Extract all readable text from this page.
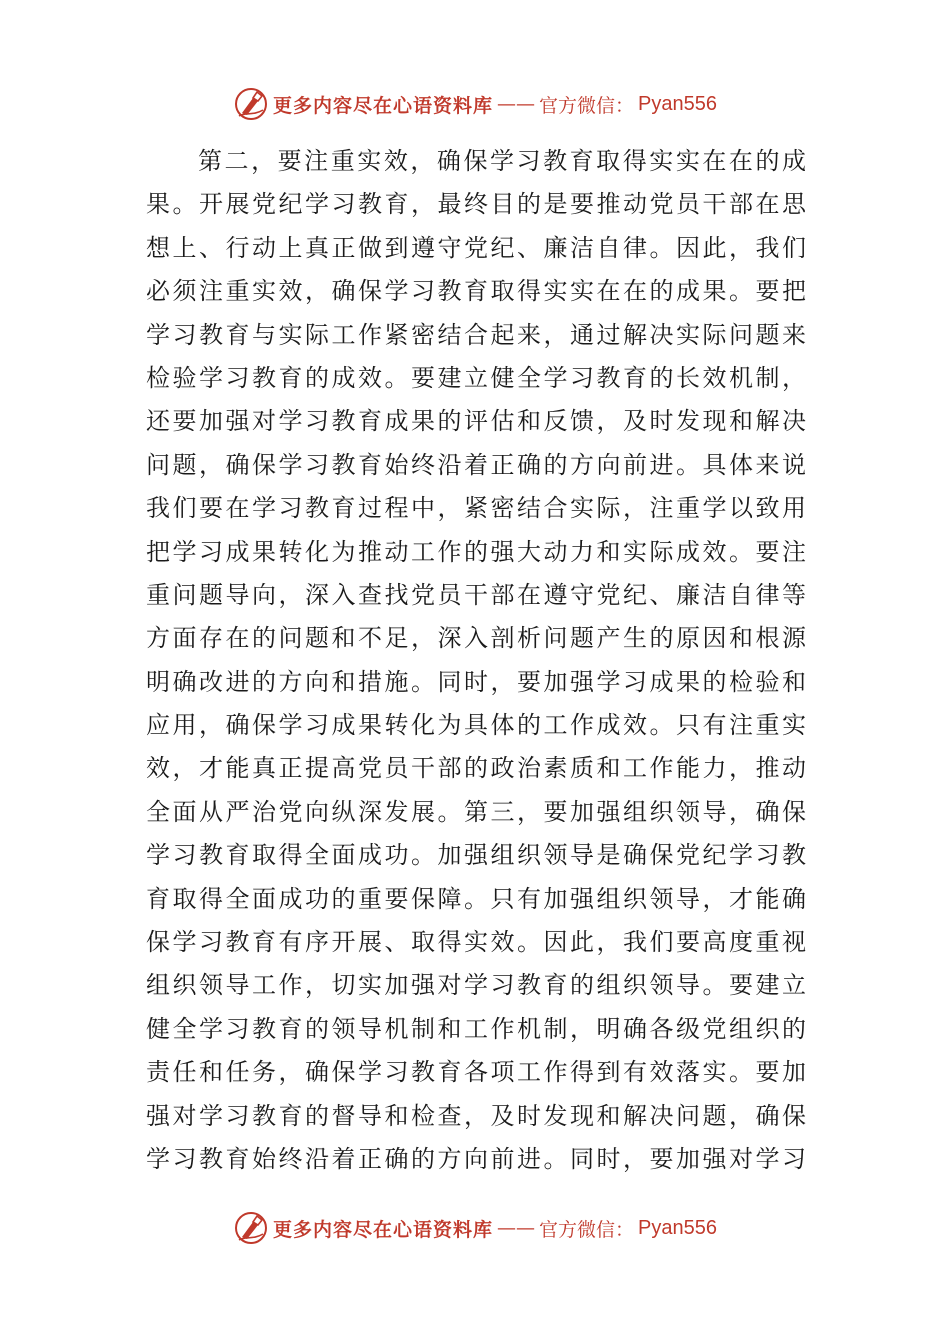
更多内容尽在心语资料库 —— 官方微信： Pyan556
第二，要注重实效，确保学习教育取得实实在在的成
果。开展党纪学习教育，最终目的是要推动党员干部在思
想上、行动上真正做到遵守党纪、廉洁自律。因此，我们
必须注重实效，确保学习教育取得实实在在的成果。要把
学习教育与实际工作紧密结合起来，通过解决实际问题来
检验学习教育的成效。要建立健全学习教育的长效机制，
还要加强对学习教育成果的评估和反馈，及时发现和解决
问题，确保学习教育始终沿着正确的方向前进。具体来说
我们要在学习教育过程中，紧密结合实际，注重学以致用
把学习成果转化为推动工作的强大动力和实际成效。要注
重问题导向，深入查找党员干部在遵守党纪、廉洁自律等
方面存在的问题和不足，深入剖析问题产生的原因和根源
明确改进的方向和措施。同时，要加强学习成果的检验和
应用，确保学习成果转化为具体的工作成效。只有注重实
效，才能真正提高党员干部的政治素质和工作能力，推动
全面从严治党向纵深发展。第三，要加强组织领导，确保
学习教育取得全面成功。加强组织领导是确保党纪学习教
育取得全面成功的重要保障。只有加强组织领导，才能确
保学习教育有序开展、取得实效。因此，我们要高度重视
组织领导工作，切实加强对学习教育的组织领导。要建立
健全学习教育的领导机制和工作机制，明确各级党组织的
责任和任务，确保学习教育各项工作得到有效落实。要加
强对学习教育的督导和检查，及时发现和解决问题，确保
学习教育始终沿着正确的方向前进。同时，要加强对学习
更多内容尽在心语资料库 —— 官方微信： Pyan556
